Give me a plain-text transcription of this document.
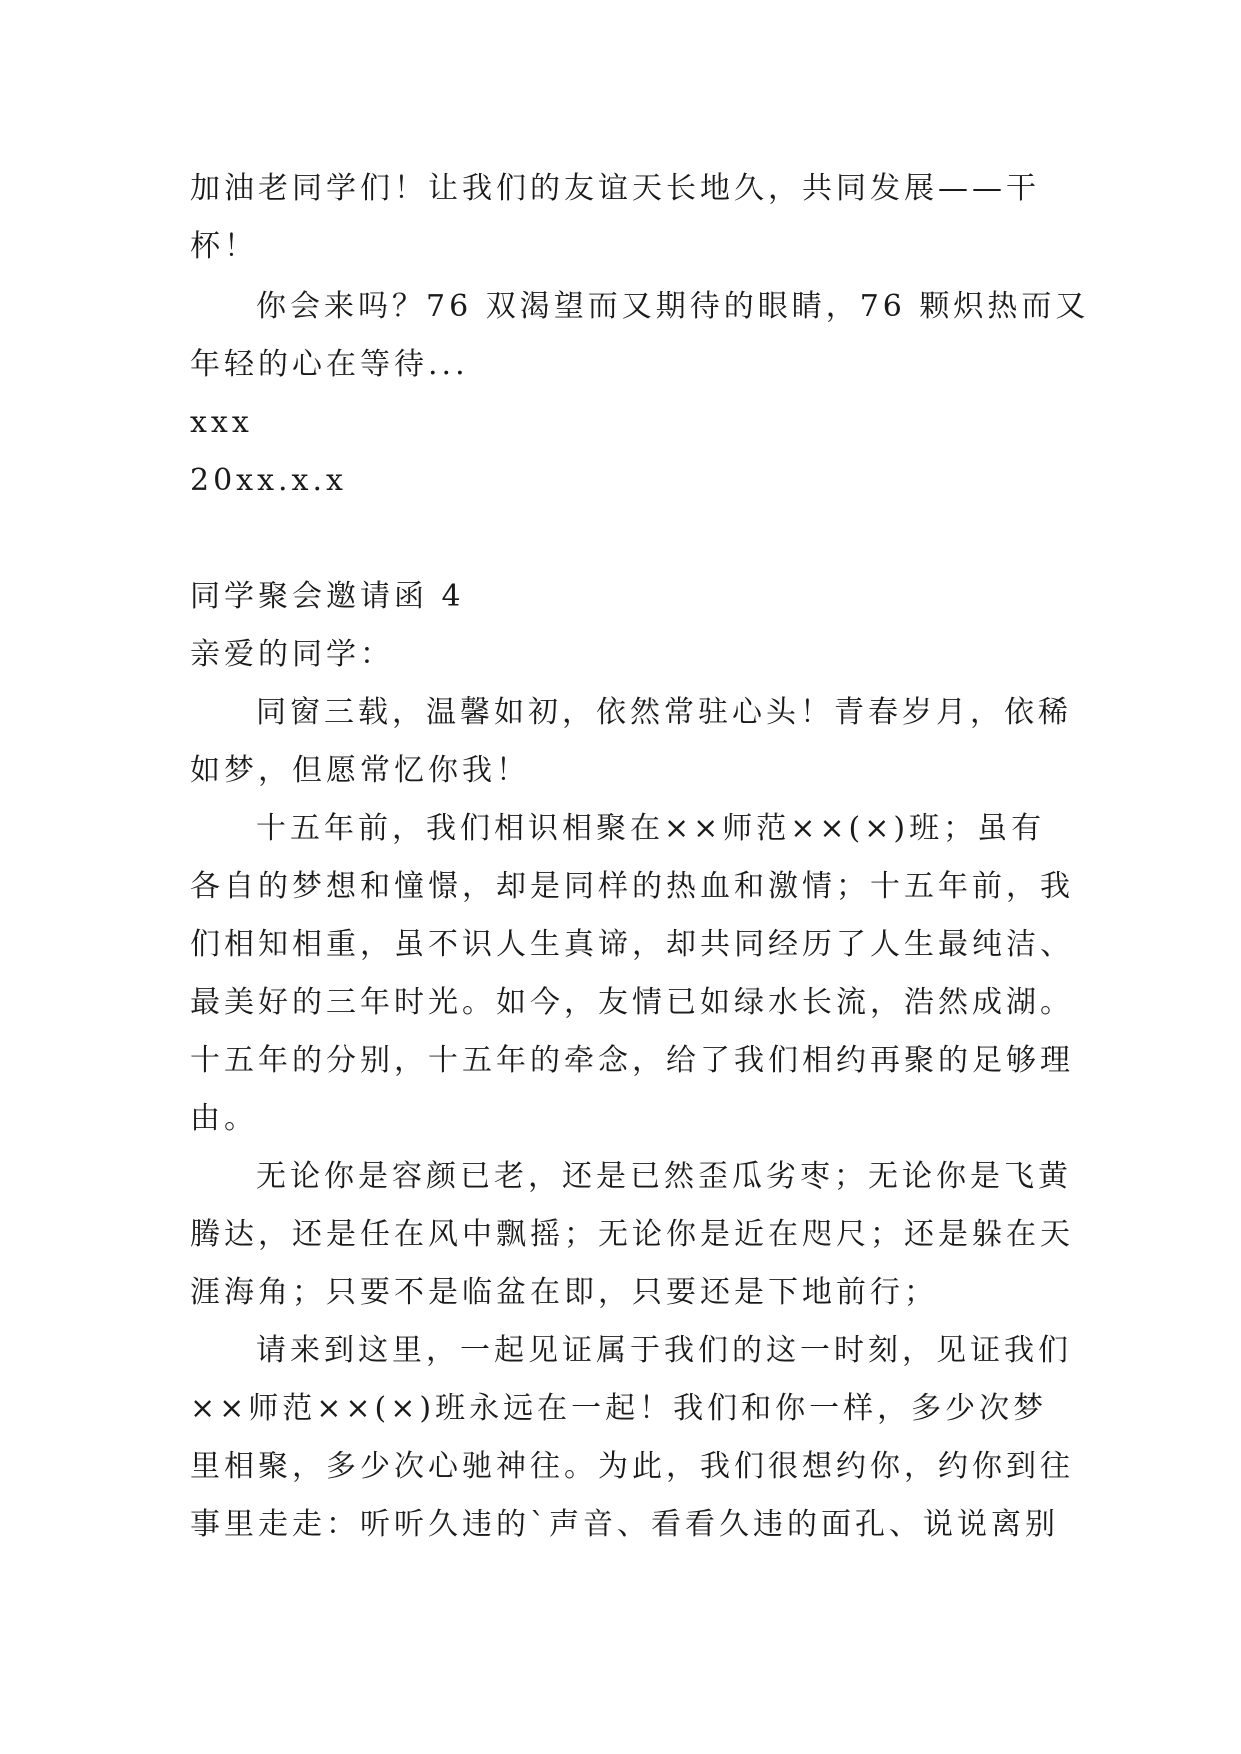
加油老同学们！让我们的友谊天长地久，共同发展——干
杯！
你会来吗？76 双渴望而又期待的眼睛，76 颗炽热而又
年轻的心在等待...
xxx
20xx.x.x
同学聚会邀请函 4
亲爱的同学：
同窗三载，温馨如初，依然常驻心头！青春岁月，依稀
如梦，但愿常忆你我！
十五年前，我们相识相聚在××师范××(×)班；虽有
各自的梦想和憧憬，却是同样的热血和激情；十五年前，我
们相知相重，虽不识人生真谛，却共同经历了人生最纯洁、
最美好的三年时光。如今，友情已如绿水长流，浩然成湖。
十五年的分别，十五年的牵念，给了我们相约再聚的足够理
由。
无论你是容颜已老，还是已然歪瓜劣枣；无论你是飞黄
腾达，还是任在风中飘摇；无论你是近在咫尺；还是躲在天
涯海角；只要不是临盆在即，只要还是下地前行；
请来到这里，一起见证属于我们的这一时刻，见证我们
××师范××(×)班永远在一起！我们和你一样，多少次梦
里相聚，多少次心驰神往。为此，我们很想约你，约你到往
事里走走：听听久违的`声音、看看久违的面孔、说说离别
